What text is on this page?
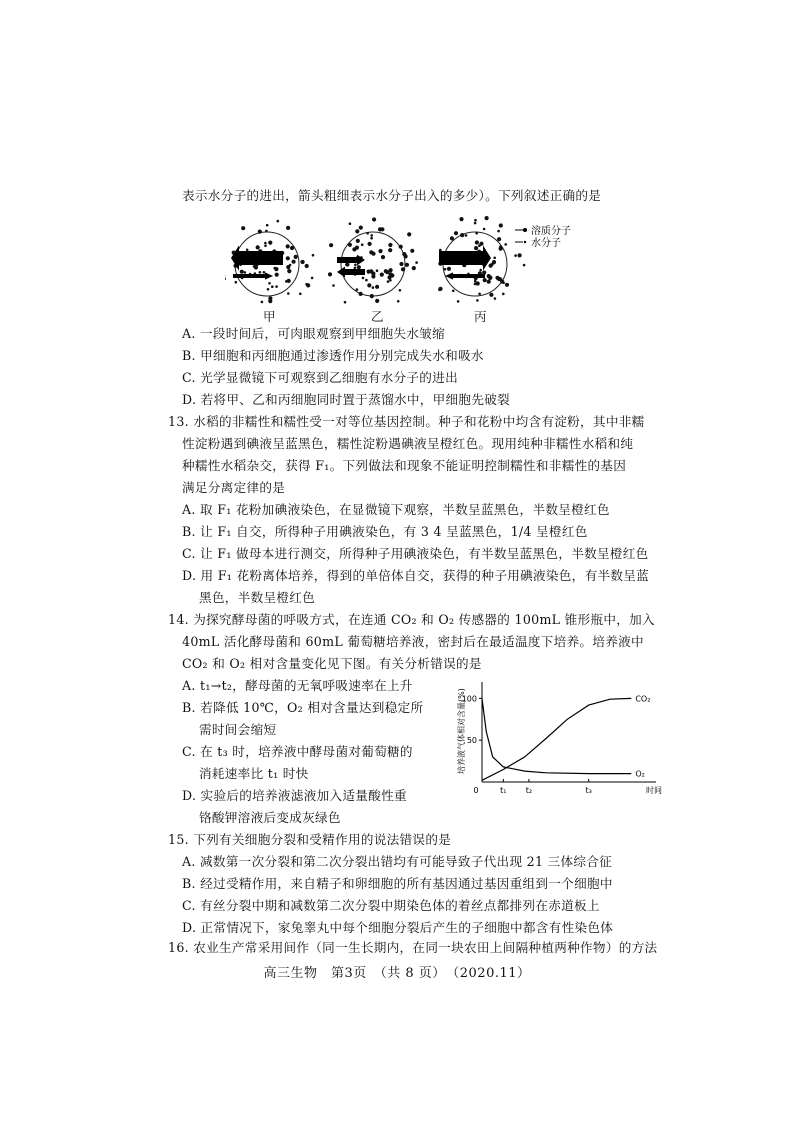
表示水分子的进出，箭头粗细表示水分子出入的多少）。下列叙述正确的是
溶质分子
水分子
甲	乙	丙
A. 一段时间后，可肉眼观察到甲细胞失水皱缩
B. 甲细胞和丙细胞通过渗透作用分别完成失水和吸水
C. 光学显微镜下可观察到乙细胞有水分子的进出
D. 若将甲、乙和丙细胞同时置于蒸馏水中，甲细胞先破裂
13. 水稻的非糯性和糯性受一对等位基因控制。种子和花粉中均含有淀粉，其中非糯
性淀粉遇到碘液呈蓝黑色，糯性淀粉遇碘液呈橙红色。现用纯种非糯性水稻和纯
种糯性水稻杂交，获得 F₁。下列做法和现象不能证明控制糯性和非糯性的基因
满足分离定律的是
A. 取 F₁ 花粉加碘液染色，在显微镜下观察，半数呈蓝黑色，半数呈橙红色
B. 让 F₁ 自交，所得种子用碘液染色，有 3 4 呈蓝黑色，1/4 呈橙红色
C. 让 F₁ 做母本进行测交，所得种子用碘液染色，有半数呈蓝黑色，半数呈橙红色
D. 用 F₁ 花粉离体培养，得到的单倍体自交，获得的种子用碘液染色，有半数呈蓝
黑色，半数呈橙红色
14. 为探究酵母菌的呼吸方式，在连通 CO₂ 和 O₂ 传感器的 100mL 锥形瓶中，加入
40mL 活化酵母菌和 60mL 葡萄糖培养液，密封后在最适温度下培养。培养液中
CO₂ 和 O₂ 相对含量变化见下图。有关分析错误的是
A. t₁→t₂，酵母菌的无氧呼吸速率在上升
B. 若降低 10℃，O₂ 相对含量达到稳定所
需时间会缩短
C. 在 t₃ 时，培养液中酵母菌对葡萄糖的
消耗速率比 t₁ 时快
D. 实验后的培养液滤液加入适量酸性重
铬酸钾溶液后变成灰绿色
100
50
0	t₁ t₂	t₃
CO₂
O₂
时间
培养液气体相对含量(%)
15. 下列有关细胞分裂和受精作用的说法错误的是
A. 减数第一次分裂和第二次分裂出错均有可能导致子代出现 21 三体综合征
B. 经过受精作用，来自精子和卵细胞的所有基因通过基因重组到一个细胞中
C. 有丝分裂中期和减数第二次分裂中期染色体的着丝点都排列在赤道板上
D. 正常情况下，家兔睾丸中每个细胞分裂后产生的子细胞中都含有性染色体
16. 农业生产常采用间作（同一生长期内，在同一块农田上间隔种植两种作物）的方法
高三生物　第3页　（共 8 页）　（2020.11）
